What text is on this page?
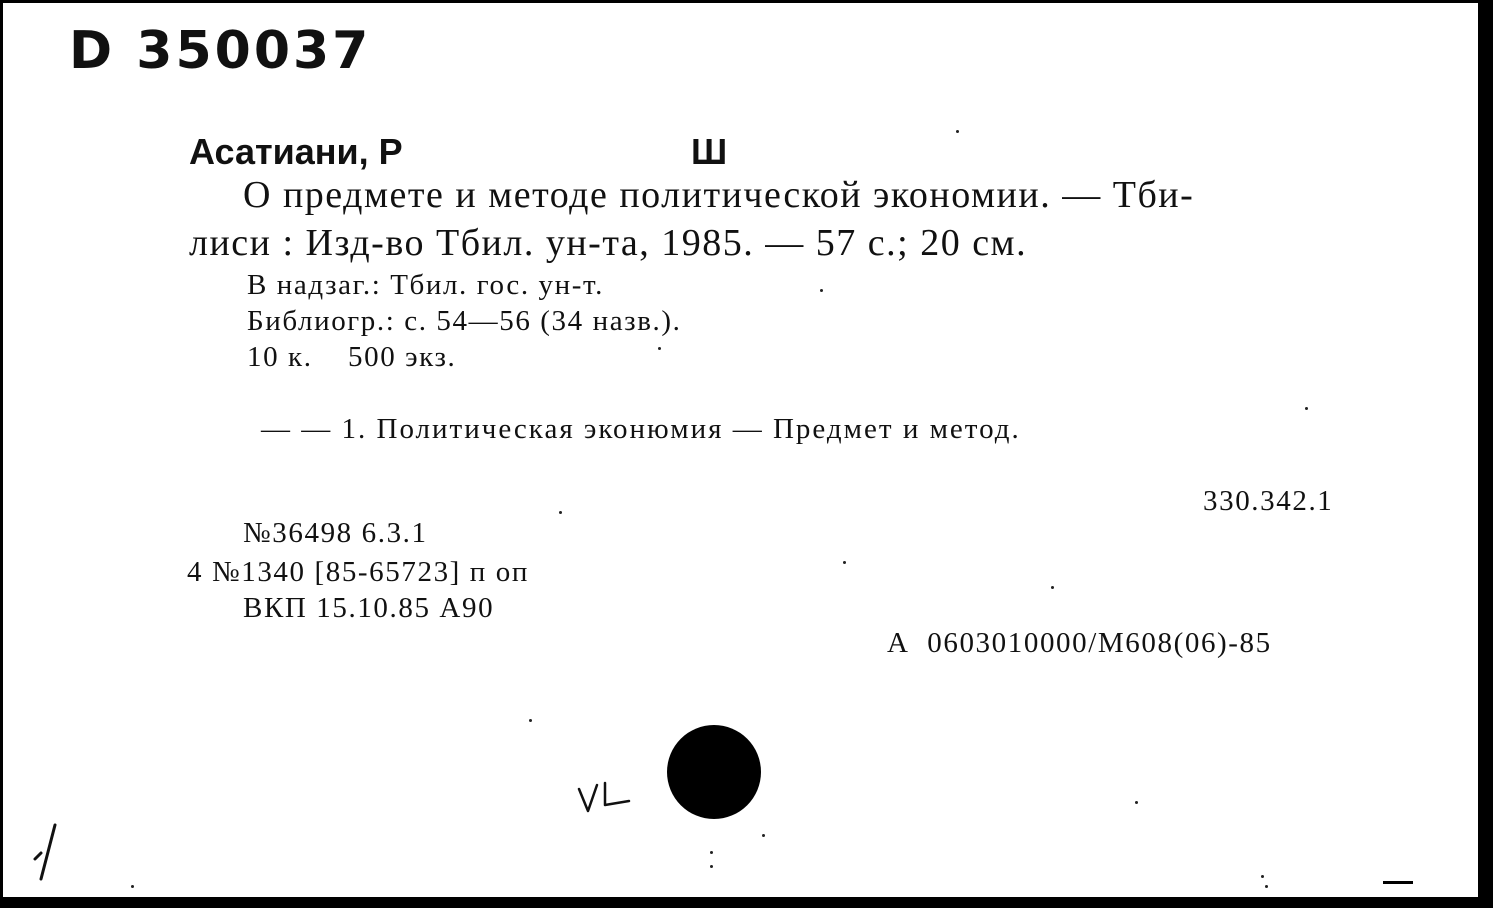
D 350037
Асатиани, Р	Ш
О предмете и методе политической экономии. — Тби-
лиси : Изд-во Тбил. ун-та, 1985. — 57 с.; 20 см.
В надзаг.: Тбил. гос. ун-т.
Библиогр.: с. 54—56 (34 назв.).
10 к.    500 экз.
— — 1. Политическая эконюмия — Предмет и метод.
330.342.1
№36498 6.3.1
4 №1340 [85-65723] п оп
ВКП 15.10.85 А90
А  0603010000/М608(06)-85
